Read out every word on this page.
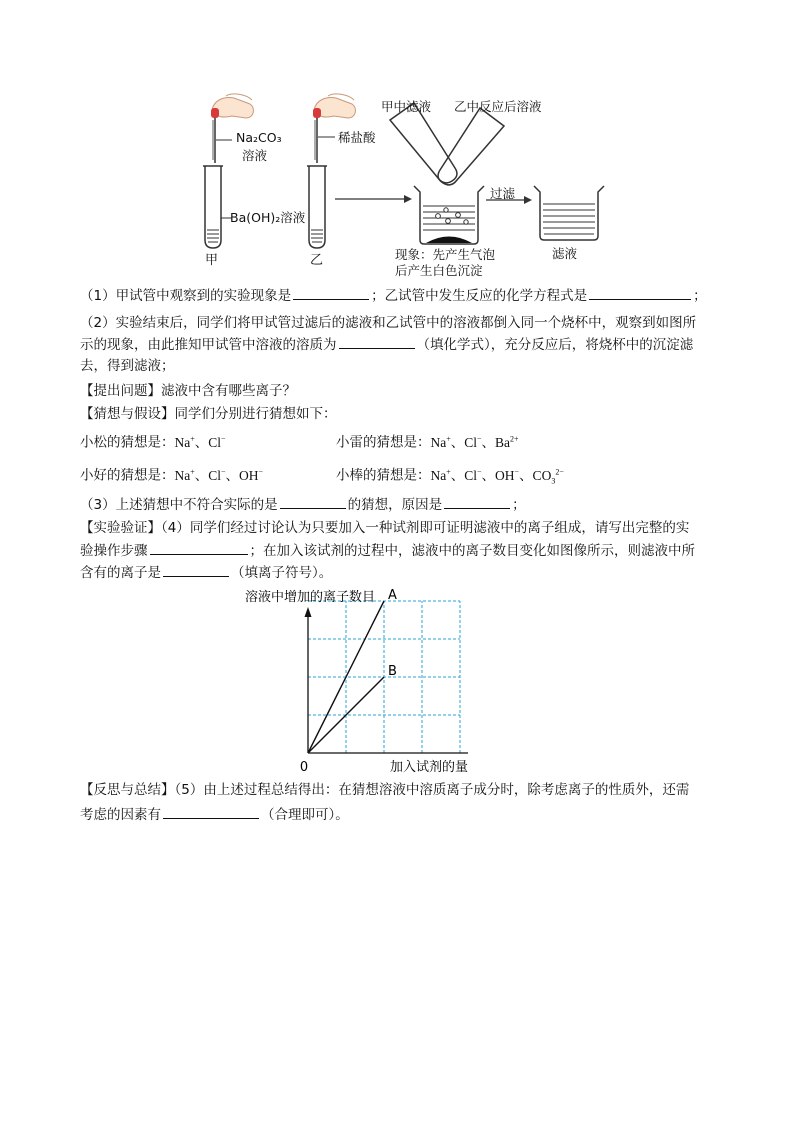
Na₂CO₃
溶液
稀盐酸
Ba(OH)₂溶液
甲	乙
甲中滤液 乙中反应后溶液
过滤
滤液
现象：先产生气泡
后产生白色沉淀
（1）甲试管中观察到的实验现象是	；乙试管中发生反应的化学方程式是	；
（2）实验结束后，同学们将甲试管过滤后的滤液和乙试管中的溶液都倒入同一个烧杯中，观察到如图所
示的现象，由此推知甲试管中溶液的溶质为	（填化学式），充分反应后，将烧杯中的沉淀滤
去，得到滤液；
【提出问题】滤液中含有哪些离子？
【猜想与假设】同学们分别进行猜想如下：
小松的猜想是：Na+、Cl−	小雷的猜想是：Na+、Cl−、$Ba^{2+}$
小好的猜想是：Na+、Cl−、OH−	小棒的猜想是：Na+、Cl−、OH−、$CO_3^{2-}$
（3）上述猜想中不符合实际的是	的猜想，原因是	；
【实验验证】（4）同学们经过讨论认为只要加入一种试剂即可证明滤液中的离子组成，请写出完整的实
验操作步骤	；在加入该试剂的过程中，滤液中的离子数目变化如图像所示，则滤液中所
含有的离子是	（填离子符号）。
溶液中增加的离子数目
加入试剂的量
0
A
B
【反思与总结】（5）由上述过程总结得出：在猜想溶液中溶质离子成分时，除考虑离子的性质外，还需
考虑的因素有	（合理即可）。
